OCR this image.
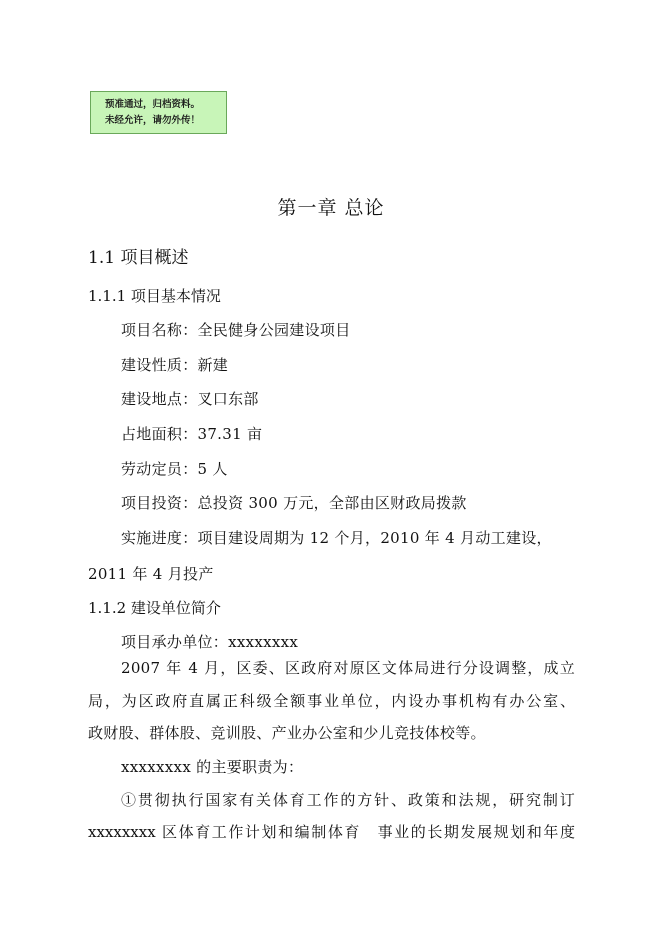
预准通过，归档资料。
未经允许，请勿外传！
第一章 总论
1.1 项目概述
1.1.1 项目基本情况
项目名称：全民健身公园建设项目
建设性质：新建
建设地点：叉口东部
占地面积：37.31 亩
劳动定员：5 人
项目投资：总投资 300 万元，全部由区财政局拨款
实施进度：项目建设周期为 12 个月，2010 年 4 月动工建设，
2011 年 4 月投产
1.1.2 建设单位简介
项目承办单位：xxxxxxxx
2007 年 4 月，区委、区政府对原区文体局进行分设调整，成立
局，为区政府直属正科级全额事业单位，内设办事机构有办公室、
政财股、群体股、竞训股、产业办公室和少儿竞技体校等。
xxxxxxxx 的主要职责为：
①贯彻执行国家有关体育工作的方针、政策和法规，研究制订
xxxxxxxx 区体育工作计划和编制体育　事业的长期发展规划和年度
